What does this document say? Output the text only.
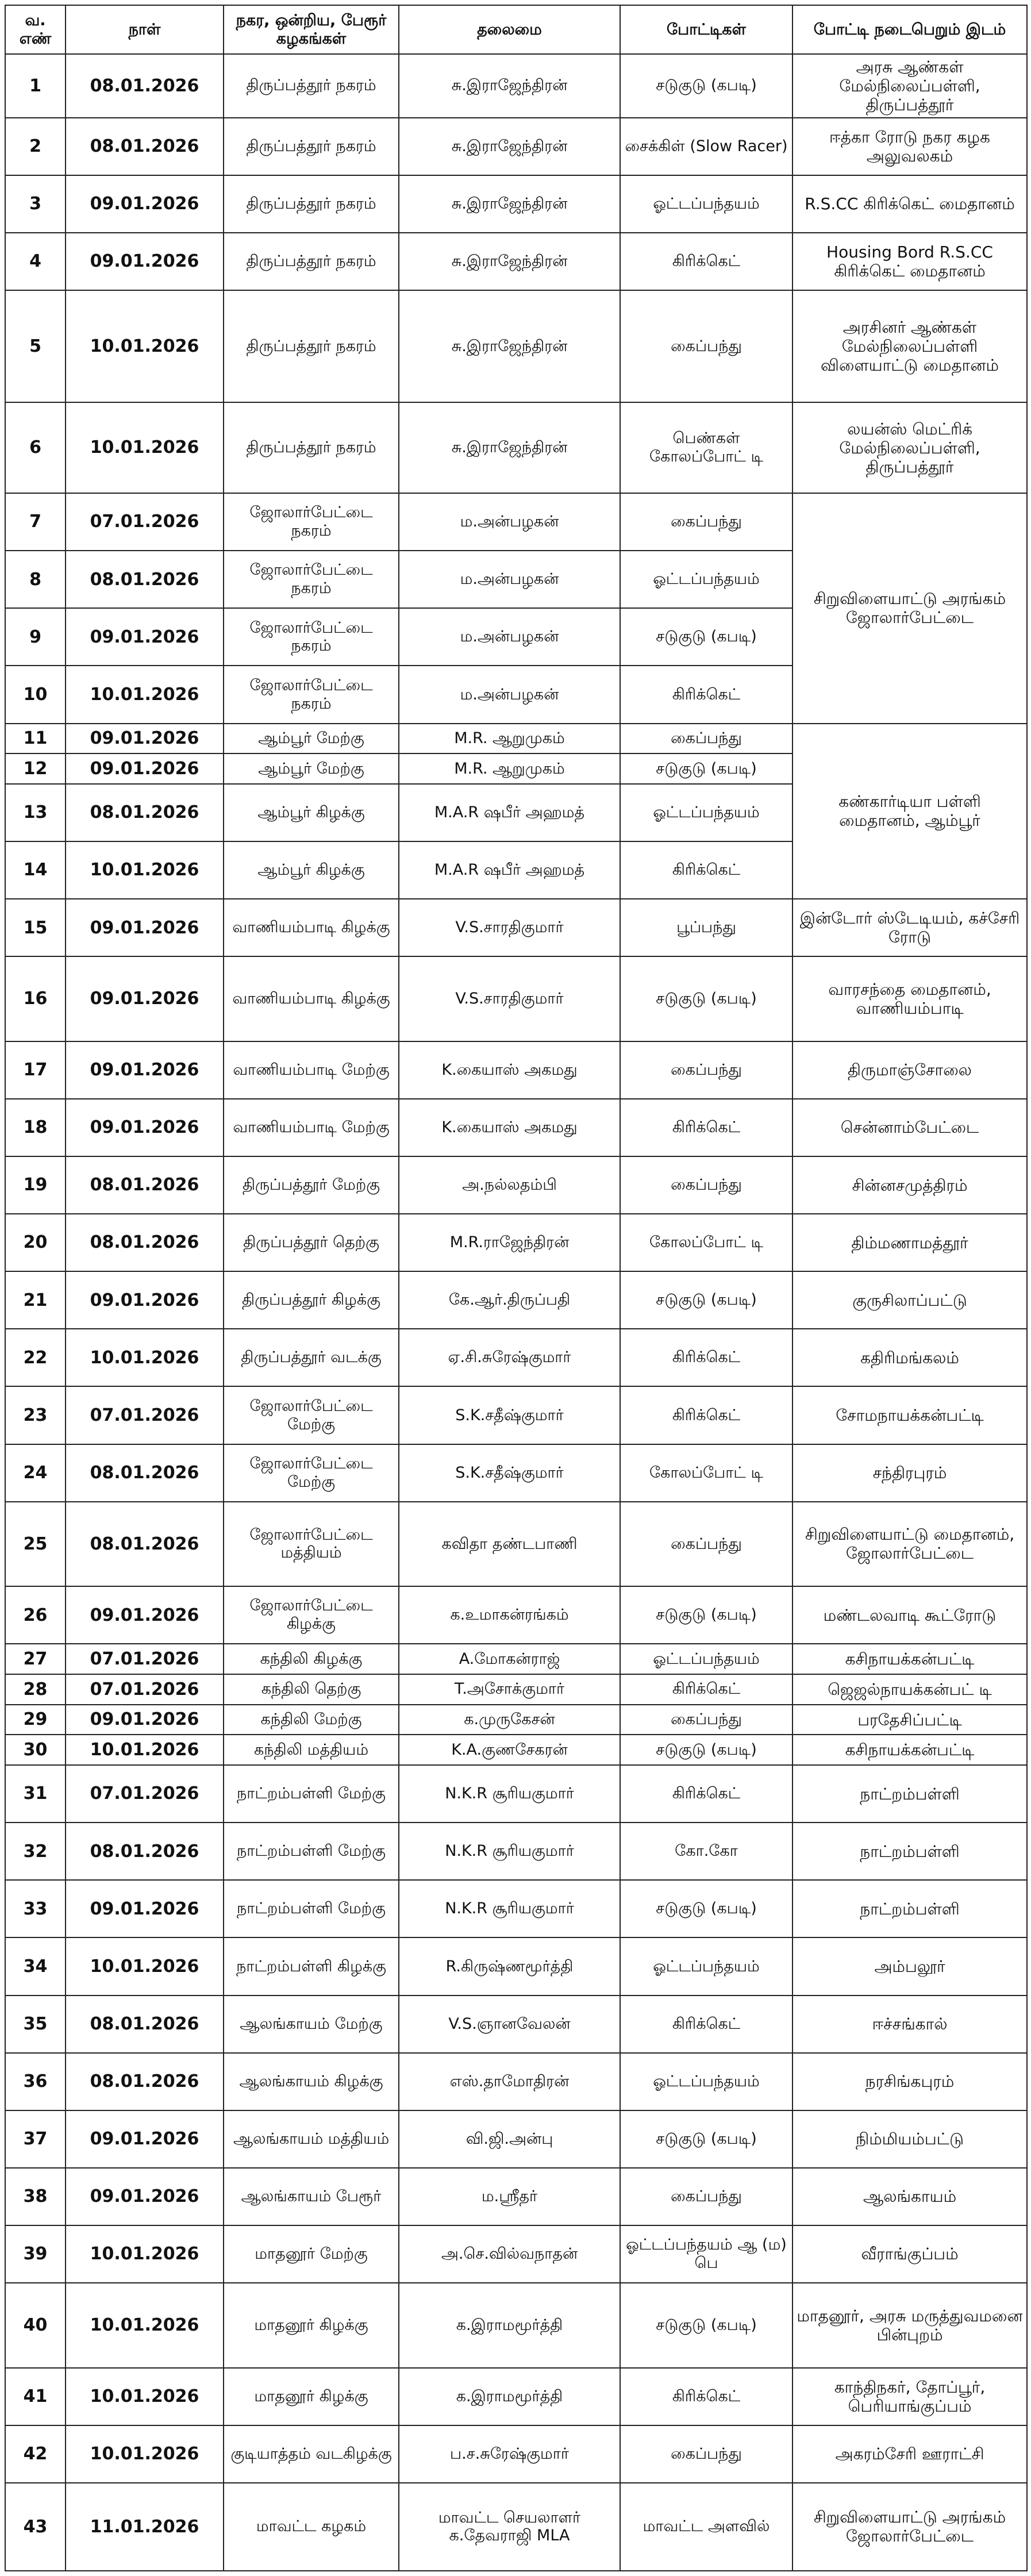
வ. எண்	நாள்	நகர, ஒன்றிய, பேரூர் கழகங்கள்	தலைமை	போட்டிகள்	போட்டி நடைபெறும் இடம்
1	08.01.2026	திருப்பத்தூர் நகரம்	சு.இராஜேந்திரன்	சடுகுடு (கபடி)	அரசு ஆண்கள் மேல்நிலைப்பள்ளி, திருப்பத்தூர்
2	08.01.2026	திருப்பத்தூர் நகரம்	சு.இராஜேந்திரன்	சைக்கிள் (Slow Racer)	ஈத்கா ரோடு நகர கழக அலுவலகம்
3	09.01.2026	திருப்பத்தூர் நகரம்	சு.இராஜேந்திரன்	ஓட்டப்பந்தயம்	R.S.CC கிரிக்கெட் மைதானம்
4	09.01.2026	திருப்பத்தூர் நகரம்	சு.இராஜேந்திரன்	கிரிக்கெட்	Housing Bord R.S.CC கிரிக்கெட் மைதானம்
5	10.01.2026	திருப்பத்தூர் நகரம்	சு.இராஜேந்திரன்	கைப்பந்து	அரசினர் ஆண்கள் மேல்நிலைப்பள்ளி விளையாட்டு மைதானம்
6	10.01.2026	திருப்பத்தூர் நகரம்	சு.இராஜேந்திரன்	பெண்கள் கோலப்போட் டி	லயன்ஸ் மெட்ரிக் மேல்நிலைப்பள்ளி, திருப்பத்தூர்
7	07.01.2026	ஜோலார்பேட்டை நகரம்	ம.அன்பழகன்	கைப்பந்து	சிறுவிளையாட்டு அரங்கம் ஜோலார்பேட்டை
8	08.01.2026	ஜோலார்பேட்டை நகரம்	ம.அன்பழகன்	ஓட்டப்பந்தயம்	
9	09.01.2026	ஜோலார்பேட்டை நகரம்	ம.அன்பழகன்	சடுகுடு (கபடி)	
10	10.01.2026	ஜோலார்பேட்டை நகரம்	ம.அன்பழகன்	கிரிக்கெட்	
11	09.01.2026	ஆம்பூர் மேற்கு	M.R. ஆறுமுகம்	கைப்பந்து	கண்கார்டியா பள்ளி மைதானம், ஆம்பூர்
12	09.01.2026	ஆம்பூர் மேற்கு	M.R. ஆறுமுகம்	சடுகுடு (கபடி)	
13	08.01.2026	ஆம்பூர் கிழக்கு	M.A.R ஷபீர் அஹமத்	ஓட்டப்பந்தயம்	
14	10.01.2026	ஆம்பூர் கிழக்கு	M.A.R ஷபீர் அஹமத்	கிரிக்கெட்	
15	09.01.2026	வாணியம்பாடி கிழக்கு	V.S.சாரதிகுமார்	பூப்பந்து	இன்டோர் ஸ்டேடியம், கச்சேரி ரோடு
16	09.01.2026	வாணியம்பாடி கிழக்கு	V.S.சாரதிகுமார்	சடுகுடு (கபடி)	வாரசந்தை மைதானம், வாணியம்பாடி
17	09.01.2026	வாணியம்பாடி மேற்கு	K.கையாஸ் அகமது	கைப்பந்து	திருமாஞ்சோலை
18	09.01.2026	வாணியம்பாடி மேற்கு	K.கையாஸ் அகமது	கிரிக்கெட்	சென்னாம்பேட்டை
19	08.01.2026	திருப்பத்தூர் மேற்கு	அ.நல்லதம்பி	கைப்பந்து	சின்னசமுத்திரம்
20	08.01.2026	திருப்பத்தூர் தெற்கு	M.R.ராஜேந்திரன்	கோலப்போட் டி	திம்மணாமத்தூர்
21	09.01.2026	திருப்பத்தூர் கிழக்கு	கே.ஆர்.திருப்பதி	சடுகுடு (கபடி)	குருசிலாப்பட்டு
22	10.01.2026	திருப்பத்தூர் வடக்கு	ஏ.சி.சுரேஷ்குமார்	கிரிக்கெட்	கதிரிமங்கலம்
23	07.01.2026	ஜோலார்பேட்டை மேற்கு	S.K.சதீஷ்குமார்	கிரிக்கெட்	சோமநாயக்கன்பட்டி
24	08.01.2026	ஜோலார்பேட்டை மேற்கு	S.K.சதீஷ்குமார்	கோலப்போட் டி	சந்திரபுரம்
25	08.01.2026	ஜோலார்பேட்டை மத்தியம்	கவிதா தண்டபாணி	கைப்பந்து	சிறுவிளையாட்டு மைதானம், ஜோலார்பேட்டை
26	09.01.2026	ஜோலார்பேட்டை கிழக்கு	க.உமாகன்ரங்கம்	சடுகுடு (கபடி)	மண்டலவாடி கூட்ரோடு
27	07.01.2026	கந்திலி கிழக்கு	A.மோகன்ராஜ்	ஓட்டப்பந்தயம்	கசிநாயக்கன்பட்டி
28	07.01.2026	கந்திலி தெற்கு	T.அசோக்குமார்	கிரிக்கெட்	ஜெஜல்நாயக்கன்பட் டி
29	09.01.2026	கந்திலி மேற்கு	க.முருகேசன்	கைப்பந்து	பரதேசிப்பட்டி
30	10.01.2026	கந்திலி மத்தியம்	K.A.குணசேகரன்	சடுகுடு (கபடி)	கசிநாயக்கன்பட்டி
31	07.01.2026	நாட்றம்பள்ளி மேற்கு	N.K.R சூரியகுமார்	கிரிக்கெட்	நாட்றம்பள்ளி
32	08.01.2026	நாட்றம்பள்ளி மேற்கு	N.K.R சூரியகுமார்	கோ.கோ	நாட்றம்பள்ளி
33	09.01.2026	நாட்றம்பள்ளி மேற்கு	N.K.R சூரியகுமார்	சடுகுடு (கபடி)	நாட்றம்பள்ளி
34	10.01.2026	நாட்றம்பள்ளி கிழக்கு	R.கிருஷ்ணமூர்த்தி	ஓட்டப்பந்தயம்	அம்பலூர்
35	08.01.2026	ஆலங்காயம் மேற்கு	V.S.ஞானவேலன்	கிரிக்கெட்	ஈச்சங்கால்
36	08.01.2026	ஆலங்காயம் கிழக்கு	எஸ்.தாமோதிரன்	ஓட்டப்பந்தயம்	நரசிங்கபுரம்
37	09.01.2026	ஆலங்காயம் மத்தியம்	வி.ஜி.அன்பு	சடுகுடு (கபடி)	நிம்மியம்பட்டு
38	09.01.2026	ஆலங்காயம் பேரூர்	ம.ஸ்ரீதர்	கைப்பந்து	ஆலங்காயம்
39	10.01.2026	மாதனூர் மேற்கு	அ.செ.வில்வநாதன்	ஓட்டப்பந்தயம் ஆ (ம) பெ	வீராங்குப்பம்
40	10.01.2026	மாதனூர் கிழக்கு	க.இராமமூர்த்தி	சடுகுடு (கபடி)	மாதனூர், அரசு மருத்துவமனை பின்புறம்
41	10.01.2026	மாதனூர் கிழக்கு	க.இராமமூர்த்தி	கிரிக்கெட்	காந்திநகர், தோப்பூர், பெரியாங்குப்பம்
42	10.01.2026	குடியாத்தம் வடகிழக்கு	ப.ச.சுரேஷ்குமார்	கைப்பந்து	அகரம்சேரி ஊராட்சி
43	11.01.2026	மாவட்ட கழகம்	மாவட்ட செயலாளர் க.தேவராஜி MLA	மாவட்ட அளவில்	சிறுவிளையாட்டு அரங்கம் ஜோலார்பேட்டை
